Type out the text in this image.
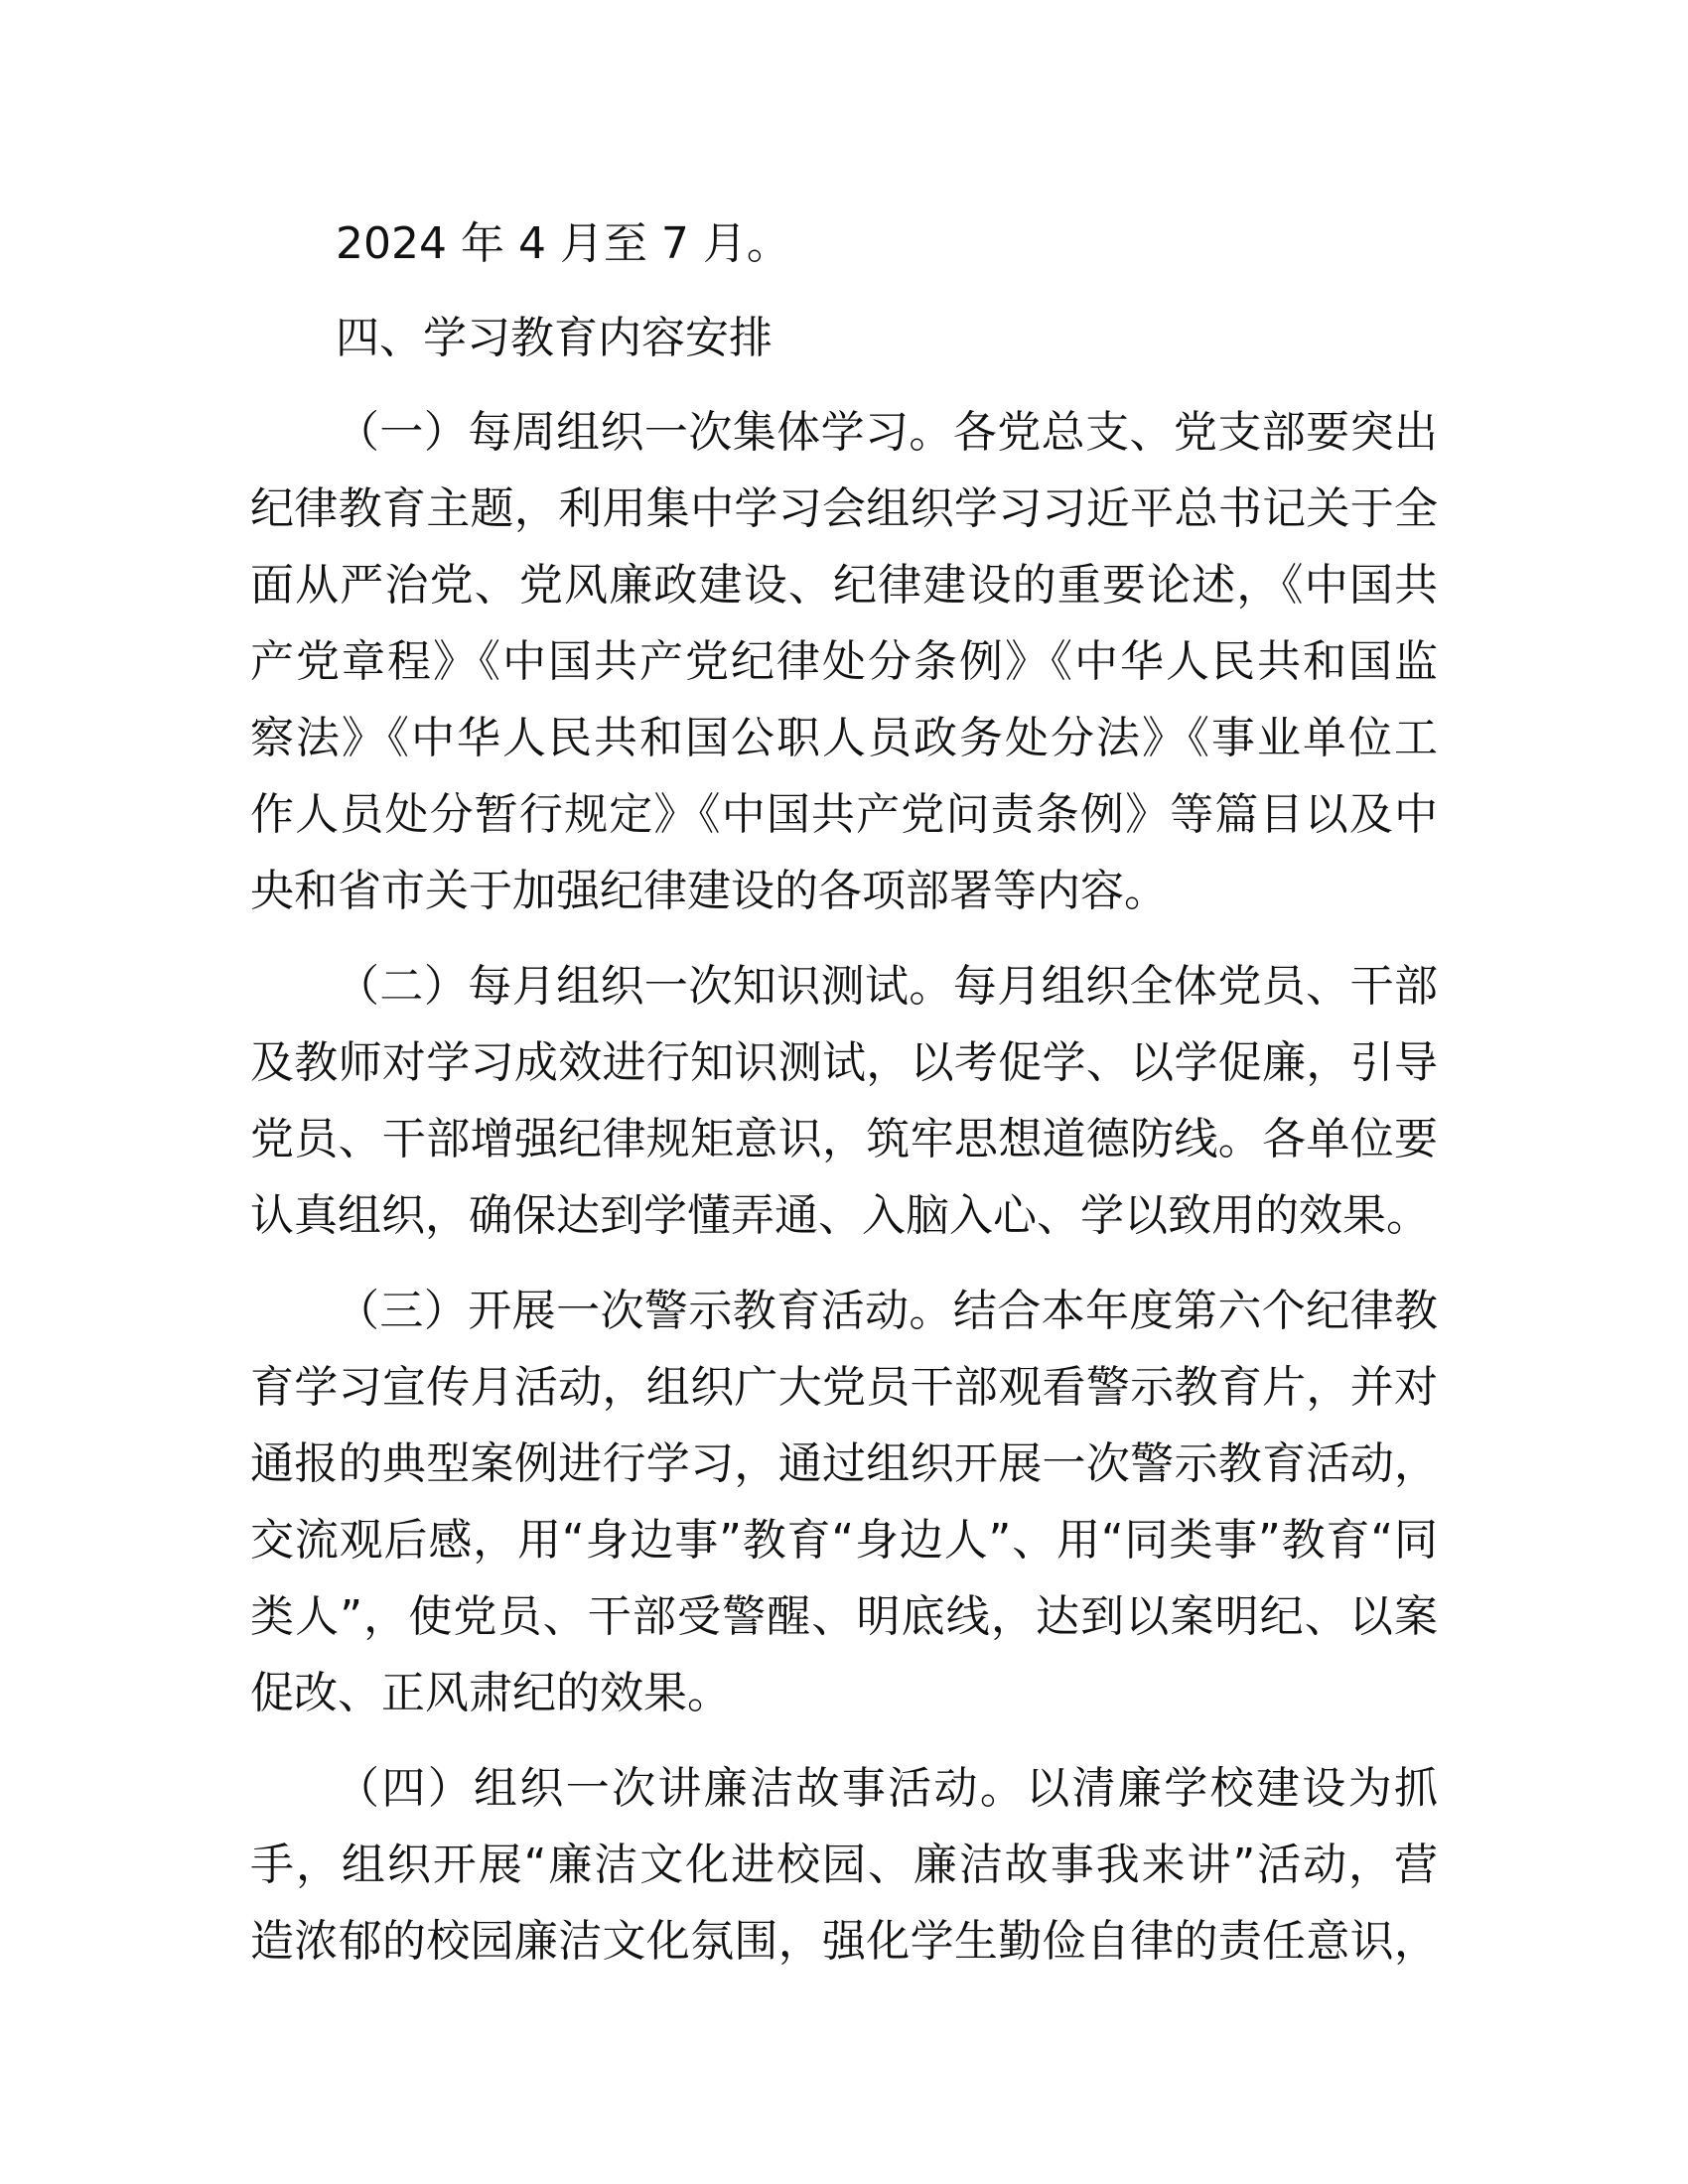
2024 年 4 月至 7 月。
四、学习教育内容安排
（一）每周组织一次集体学习。各党总支、党支部要突出
纪律教育主题，利用集中学习会组织学习习近平总书记关于全
面从严治党、党风廉政建设、纪律建设的重要论述，《中国共
产党章程》《中国共产党纪律处分条例》《中华人民共和国监
察法》《中华人民共和国公职人员政务处分法》《事业单位工
作人员处分暂行规定》《中国共产党问责条例》等篇目以及中
央和省市关于加强纪律建设的各项部署等内容。
（二）每月组织一次知识测试。每月组织全体党员、干部
及教师对学习成效进行知识测试，以考促学、以学促廉，引导
党员、干部增强纪律规矩意识，筑牢思想道德防线。各单位要
认真组织，确保达到学懂弄通、入脑入心、学以致用的效果。
（三）开展一次警示教育活动。结合本年度第六个纪律教
育学习宣传月活动，组织广大党员干部观看警示教育片，并对
通报的典型案例进行学习，通过组织开展一次警示教育活动，
交流观后感，用“身边事”教育“身边人”、用“同类事”教育“同
类人”，使党员、干部受警醒、明底线，达到以案明纪、以案
促改、正风肃纪的效果。
（四）组织一次讲廉洁故事活动。以清廉学校建设为抓
手，组织开展“廉洁文化进校园、廉洁故事我来讲”活动，营
造浓郁的校园廉洁文化氛围，强化学生勤俭自律的责任意识，
